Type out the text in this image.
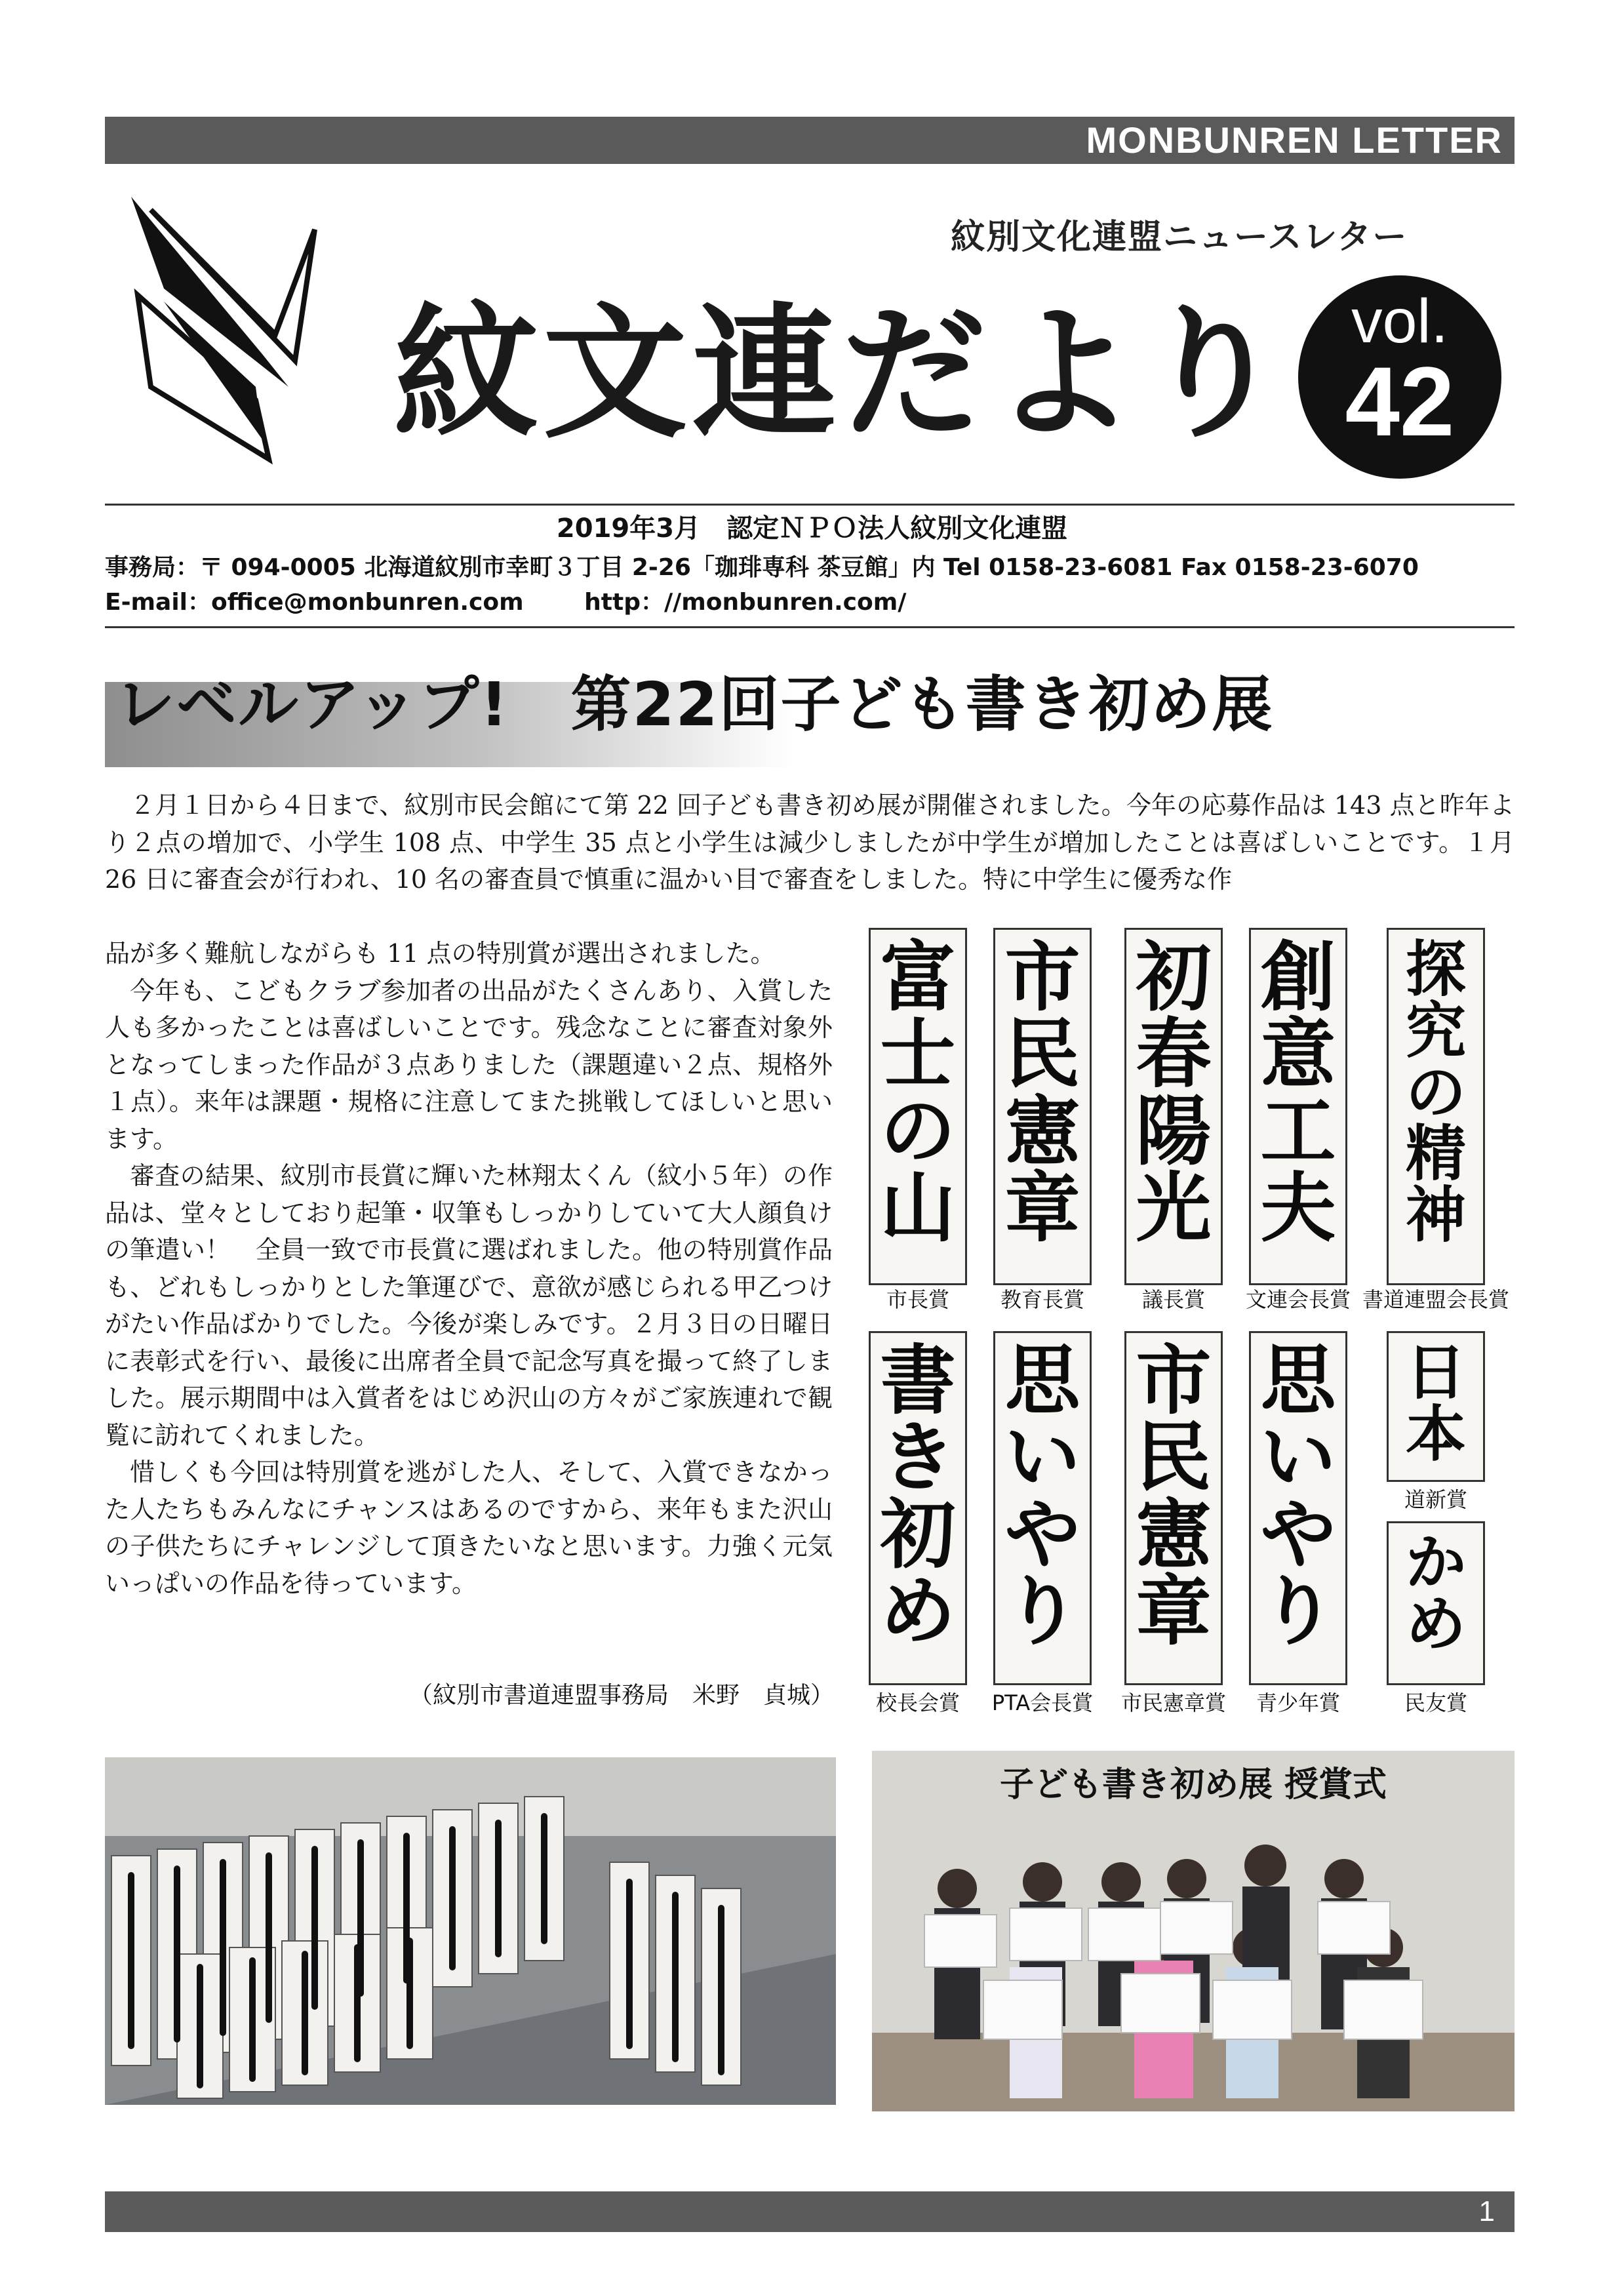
MONBUNREN LETTER
紋別文化連盟ニュースレター
紋文連だより vol.
42
2019年3月　認定ＮＰＯ法人紋別文化連盟
事務局：〒 094-0005 北海道紋別市幸町３丁目 2-26「珈琲専科 茶豆館」内 Tel 0158-23-6081 Fax 0158-23-6070
E-mail：office@monbunren.com	http：//monbunren.com/
レベルアップ!　第22回子ども書き初め展
２月１日から４日まで、紋別市民会館にて第 22 回子ども書き初め展が開催されました。今年の応募作品は 143 点と昨年より２点の増加で、小学生 108 点、中学生 35 点と小学生は減少しましたが中学生が増加したことは喜ばしいことです。１月 26 日に審査会が行われ、10 名の審査員で慎重に温かい目で審査をしました。特に中学生に優秀な作
品が多く難航しながらも 11 点の特別賞が選出されました。
今年も、こどもクラブ参加者の出品がたくさんあり、入賞した人も多かったことは喜ばしいことです。残念なことに審査対象外となってしまった作品が３点ありました（課題違い２点、規格外１点）。来年は課題・規格に注意してまた挑戦してほしいと思います。
審査の結果、紋別市長賞に輝いた林翔太くん（紋小５年）の作品は、堂々としており起筆・収筆もしっかりしていて大人顔負けの筆遣い！　全員一致で市長賞に選ばれました。他の特別賞作品も、どれもしっかりとした筆運びで、意欲が感じられる甲乙つけがたい作品ばかりでした。今後が楽しみです。２月３日の日曜日に表彰式を行い、最後に出席者全員で記念写真を撮って終了しました。展示期間中は入賞者をはじめ沢山の方々がご家族連れで観覧に訪れてくれました。
惜しくも今回は特別賞を逃がした人、そして、入賞できなかった人たちもみんなにチャンスはあるのですから、来年もまた沢山の子供たちにチャレンジして頂きたいなと思います。力強く元気いっぱいの作品を待っています。
（紋別市書道連盟事務局　米野　貞城）
富
士
の
山
市
民
憲
章
初
春
陽
光
創
意
工
夫
探
究
の
精
神
市長賞	教育長賞	議長賞	文連会長賞 書道連盟会長賞
書
き
初
め
思
い
や
り
市
民
憲
章
思
い
や
り
日
本
道新賞
か
め
校長会賞	PTA会長賞	市民憲章賞	青少年賞	民友賞
子ども書き初め展 授賞式
1
